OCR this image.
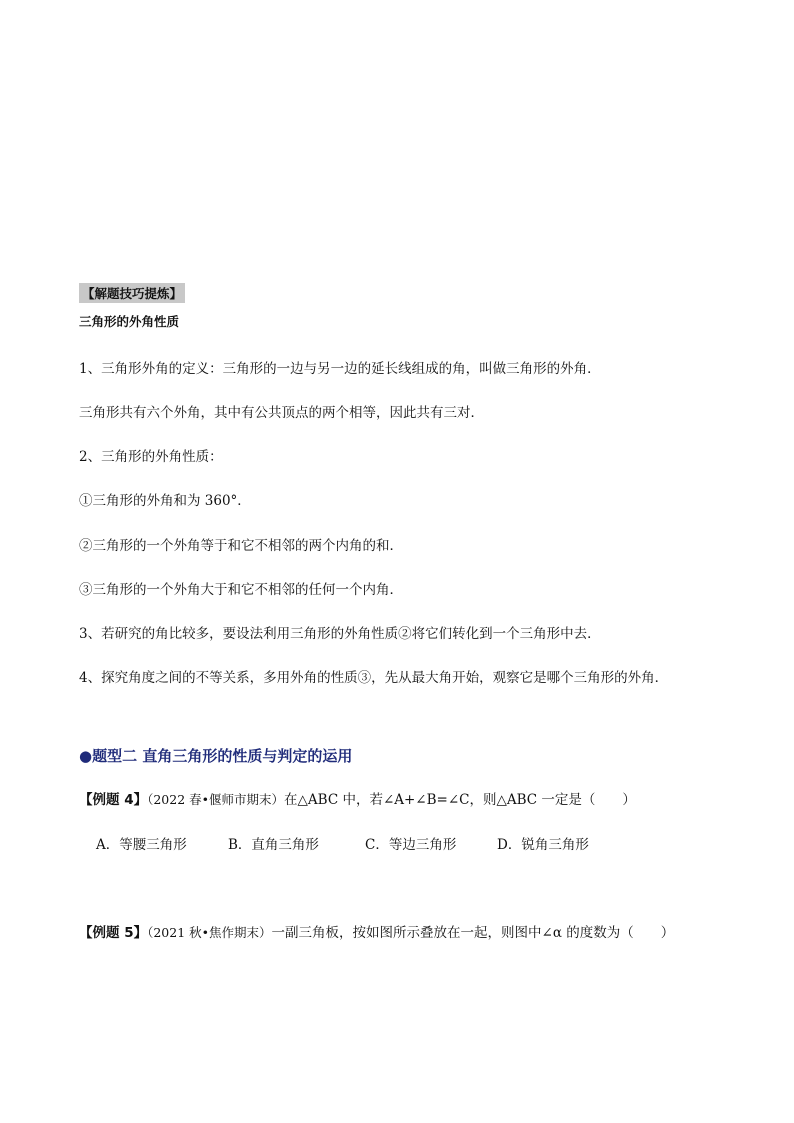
【解题技巧提炼】
三角形的外角性质
1、三角形外角的定义：三角形的一边与另一边的延长线组成的角，叫做三角形的外角．
三角形共有六个外角，其中有公共顶点的两个相等，因此共有三对．
2、三角形的外角性质：
①三角形的外角和为 360°．
②三角形的一个外角等于和它不相邻的两个内角的和．
③三角形的一个外角大于和它不相邻的任何一个内角．
3、若研究的角比较多，要设法利用三角形的外角性质②将它们转化到一个三角形中去．
4、探究角度之间的不等关系，多用外角的性质③，先从最大角开始，观察它是哪个三角形的外角．
●题型二 直角三角形的性质与判定的运用
【例题 4】（2022 春•偃师市期末）在△ABC 中，若∠A+∠B=∠C，则△ABC 一定是（　　）
A．等腰三角形	B．直角三角形	C．等边三角形	D．锐角三角形
【例题 5】（2021 秋•焦作期末）一副三角板，按如图所示叠放在一起，则图中∠α 的度数为（　　）
